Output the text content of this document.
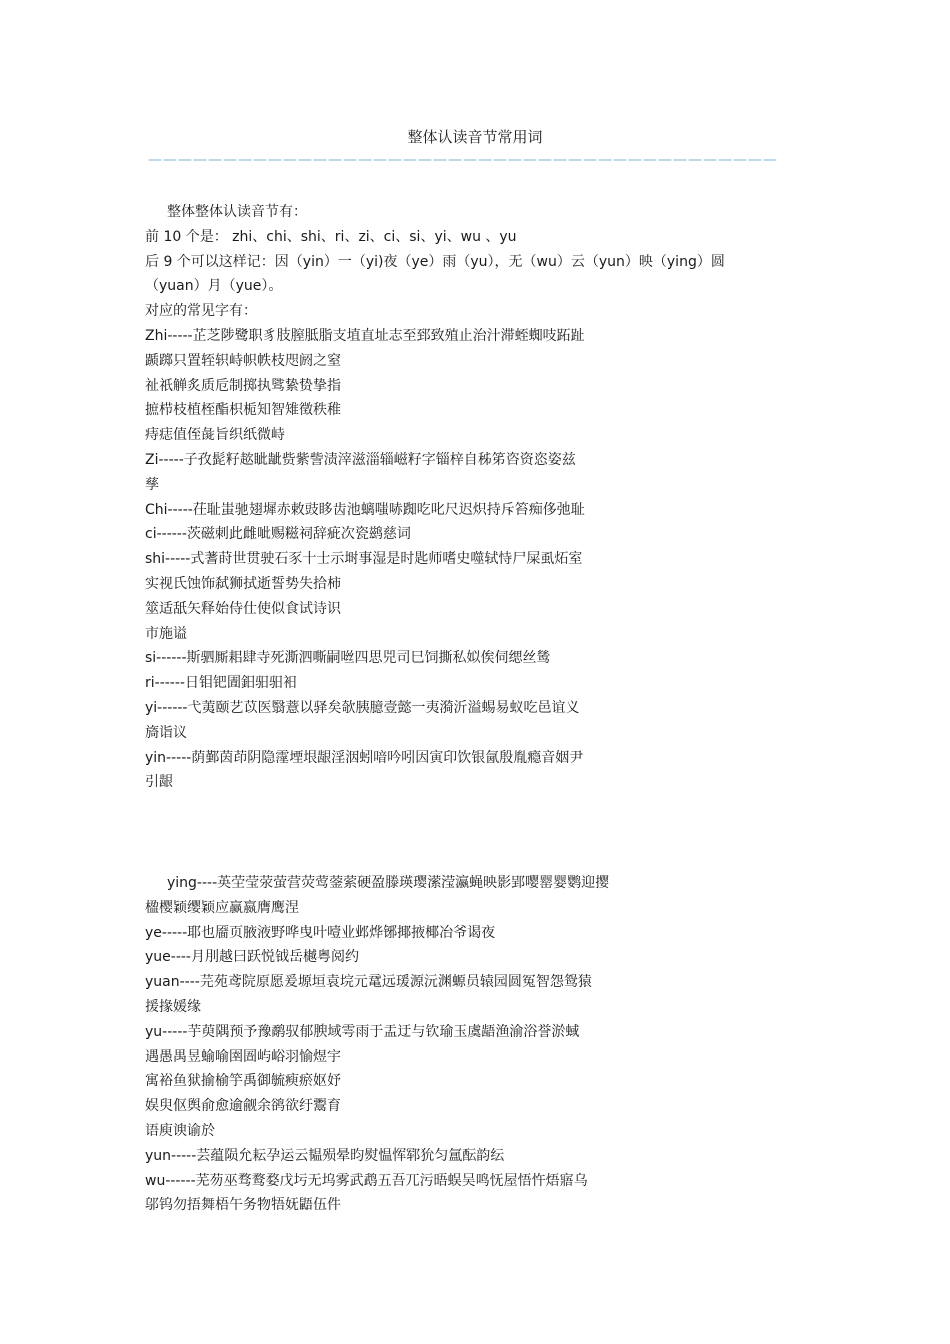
整体认读音节常用词
——————————————————————————————————————————
整体整体认读音节有：
前 10 个是： zhi、chi、shi、ri、zi、ci、si、yi、wu 、yu
后 9 个可以这样记：因（yin）一（yi)夜（ye）雨（yu），无（wu）云（yun）映（ying）圆
（yuan）月（yue）。
对应的常见字有：
Zhi-----芷芝陟鹭职豸肢膣胝脂支埴直址志至郅致殖止治汁滞蛭蜘吱跖趾
踬踯只置轾轵峙帜帙枝咫阏之窒
祉祇觯炙质卮制掷执骘絷贽挚指
摭栉枝植桎酯枳栀知智雉徵秩稚
痔痣值侄彘旨织纸微峙
Zi-----子孜髭籽趑眦龇赀紫訾渍滓滋淄辎嵫籽字锱梓自秭笫咨资恣姿兹
孳
Chi-----茌耻蚩驰翅墀赤敕豉眵齿池螭嗤哧踟吃叱尺迟炽持斥笞痴侈弛耻
ci------茨磁刺此雌呲赐糍祠辞疵次瓷鹚慈词
shi-----式蓍莳世贯驶石豕十士示埘事湿是时匙师嗜史噬轼恃尸屎虱炻室
实视氏蚀饰弑狮拭逝誓势失拾柿
筮适舐矢释始侍仕使似食试诗识
市施谥
si------斯驷厮耜肆寺死澌泗嘶嗣咝四思兕司巳饲撕私姒俟伺缌丝鸶
ri------日钼钯圊鈤驲驲衵
yi------弋荑颐艺苡医翳薏以驿矣欹胰臆壹懿一夷漪沂溢蜴易蚁吃邑谊义
旖诣议
yin-----荫鄞茵茚阴隐霪堙垠龈淫洇蚓喑吟吲因寅印饮银氤殷胤瘾音姻尹
引龈
ying----英茔莹荥萤营荧莺蓥萦硬盈滕瑛璎潆滢瀛蝇映影郢嘤罂婴鹦迎撄
楹樱颖缨颖应赢嬴膺鹰涅
ye-----耶也靥页腋液野哗曳叶噎业邺烨铘揶掖椰冶爷谒夜
yue----月刖越曰跃悦钺岳樾粤阅约
yuan----芫苑鸢院原愿爰塬垣袁垸元鼋远瑗源沅渊螈员辕园圆冤智怨鸳猿
援掾媛缘
yu-----芋萸隅预予豫鹬驭郁腴域雩雨于盂迂与钦瑜玉虞龉渔渝浴誉淤蜮
遇愚禺昱蝓喻圉圄屿峪羽愉煜宇
寓裕鱼狱揄榆竽禹御毓瘐瘀妪妤
娱臾伛舆俞愈逾觎余鹆欲纡鬻育
语庾谀谕於
yun-----芸蕴陨允耘孕运云韫殒晕昀熨愠恽郓狁匀氲酝韵纭
wu------芜芴巫骛鹜婺戊圬无坞雾武鹉五吾兀污晤蜈吴鸣怃屋悟忤焐寤乌
邬钨勿捂舞梧午务物牾妩鼯伍件
